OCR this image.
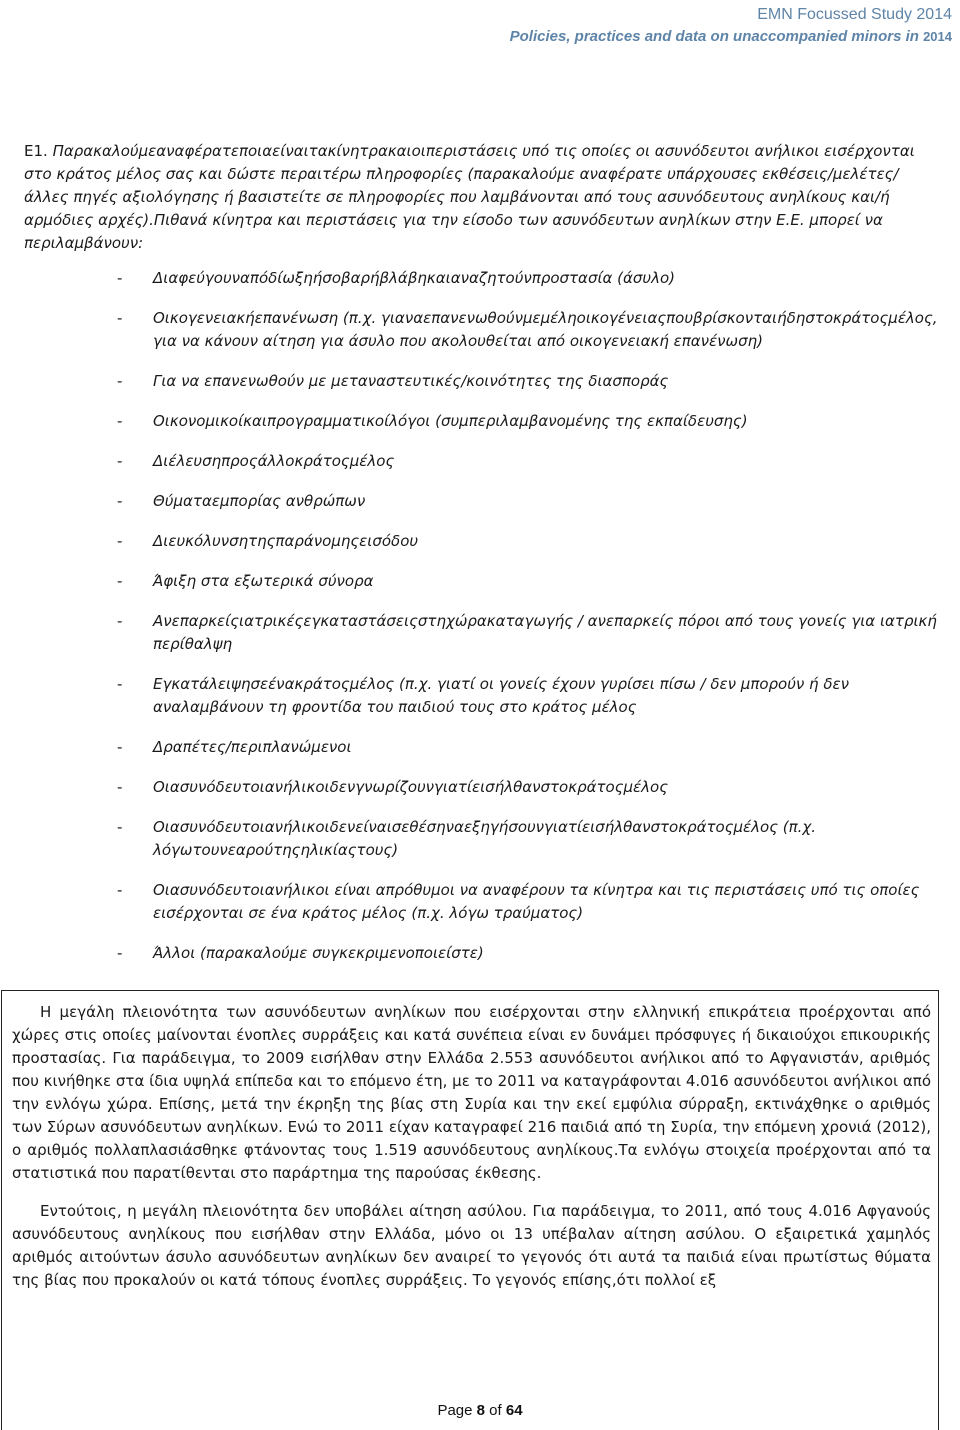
EMN Focussed Study 2014
Policies, practices and data on unaccompanied minors in 2014

E1. Παρακαλούμεαναφέρατεποιαείναιτακίνητρακαιοιπεριστάσεις υπό τις οποίες οι ασυνόδευτοι ανήλικοι εισέρχονται στο κράτος μέλος σας και δώστε περαιτέρω πληροφορίες (παρακαλούμε αναφέρατε υπάρχουσες εκθέσεις/μελέτες/άλλες πηγές αξιολόγησης ή βασιστείτε σε πληροφορίες που λαμβάνονται από τους ασυνόδευτους ανηλίκους και/ή αρμόδιες αρχές).Πιθανά κίνητρα και περιστάσεις για την είσοδο των ασυνόδευτων ανηλίκων στην Ε.Ε. μπορεί να περιλαμβάνουν:

- Διαφεύγουναπόδίωξηήσοβαρήβλάβηκαιαναζητούνπροστασία (άσυλο)
- Οικογενειακήεπανένωση (π.χ. γιαναεπανενωθούνμεμέληοικογένειαςπουβρίσκονταιήδηστοκράτοςμέλος, για να κάνουν αίτηση για άσυλο που ακολουθείται από οικογενειακή επανένωση)
- Για να επανενωθούν με μεταναστευτικές/κοινότητες της διασποράς
- Οικονομικοίκαιπρογραμματικοίλόγοι (συμπεριλαμβανομένης της εκπαίδευσης)
- Διέλευσηπροςάλλοκράτοςμέλος
- Θύματαεμπορίας ανθρώπων
- Διευκόλυνσητηςπαράνομηςεισόδου
- Άφιξη στα εξωτερικά σύνορα
- Ανεπαρκείςιατρικέςεγκαταστάσειςστηχώρακαταγωγής / ανεπαρκείς πόροι από τους γονείς για ιατρική περίθαλψη
- Εγκατάλειψησεένακράτοςμέλος (π.χ. γιατί οι γονείς έχουν γυρίσει πίσω / δεν μπορούν ή δεν αναλαμβάνουν τη φροντίδα του παιδιού τους στο κράτος μέλος
- Δραπέτες/περιπλανώμενοι
- Οιασυνόδευτοιανήλικοιδενγνωρίζουνγιατίεισήλθανστοκράτοςμέλος
- Οιασυνόδευτοιανήλικοιδενείναισεθέσηναεξηγήσουνγιατίεισήλθανστοκράτοςμέλος (π.χ. λόγωτουνεαρούτηςηλικίαςτους)
- Οιασυνόδευτοιανήλικοι είναι απρόθυμοι να αναφέρουν τα κίνητρα και τις περιστάσεις υπό τις οποίες εισέρχονται σε ένα κράτος μέλος (π.χ. λόγω τραύματος)
- Άλλοι (παρακαλούμε συγκεκριμενοποιείστε)

Η μεγάλη πλειονότητα των ασυνόδευτων ανηλίκων που εισέρχονται στην ελληνική επικράτεια προέρχονται από χώρες στις οποίες μαίνονται ένοπλες συρράξεις και κατά συνέπεια είναι εν δυνάμει πρόσφυγες ή δικαιούχοι επικουρικής προστασίας. Για παράδειγμα, το 2009 εισήλθαν στην Ελλάδα 2.553 ασυνόδευτοι ανήλικοι από το Αφγανιστάν, αριθμός που κινήθηκε στα ίδια υψηλά επίπεδα και το επόμενο έτη, με το 2011 να καταγράφονται 4.016 ασυνόδευτοι ανήλικοι από την ενλόγω χώρα. Επίσης, μετά την έκρηξη της βίας στη Συρία και την εκεί εμφύλια σύρραξη, εκτινάχθηκε ο αριθμός των Σύρων ασυνόδευτων ανηλίκων. Ενώ το 2011 είχαν καταγραφεί 216 παιδιά από τη Συρία, την επόμενη χρονιά (2012), ο αριθμός πολλαπλασιάσθηκε φτάνοντας τους 1.519 ασυνόδευτους ανηλίκους.Τα ενλόγω στοιχεία προέρχονται από τα στατιστικά που παρατίθενται στο παράρτημα της παρούσας έκθεσης.

Εντούτοις, η μεγάλη πλειονότητα δεν υποβάλει αίτηση ασύλου. Για παράδειγμα, το 2011, από τους 4.016 Αφγανούς ασυνόδευτους ανηλίκους που εισήλθαν στην Ελλάδα, μόνο οι 13 υπέβαλαν αίτηση ασύλου. Ο εξαιρετικά χαμηλός αριθμός αιτούντων άσυλο ασυνόδευτων ανηλίκων δεν αναιρεί το γεγονός ότι αυτά τα παιδιά είναι πρωτίστως θύματα της βίας που προκαλούν οι κατά τόπους ένοπλες συρράξεις. Το γεγονός επίσης,ότι πολλοί εξ

Page 8 of 64
